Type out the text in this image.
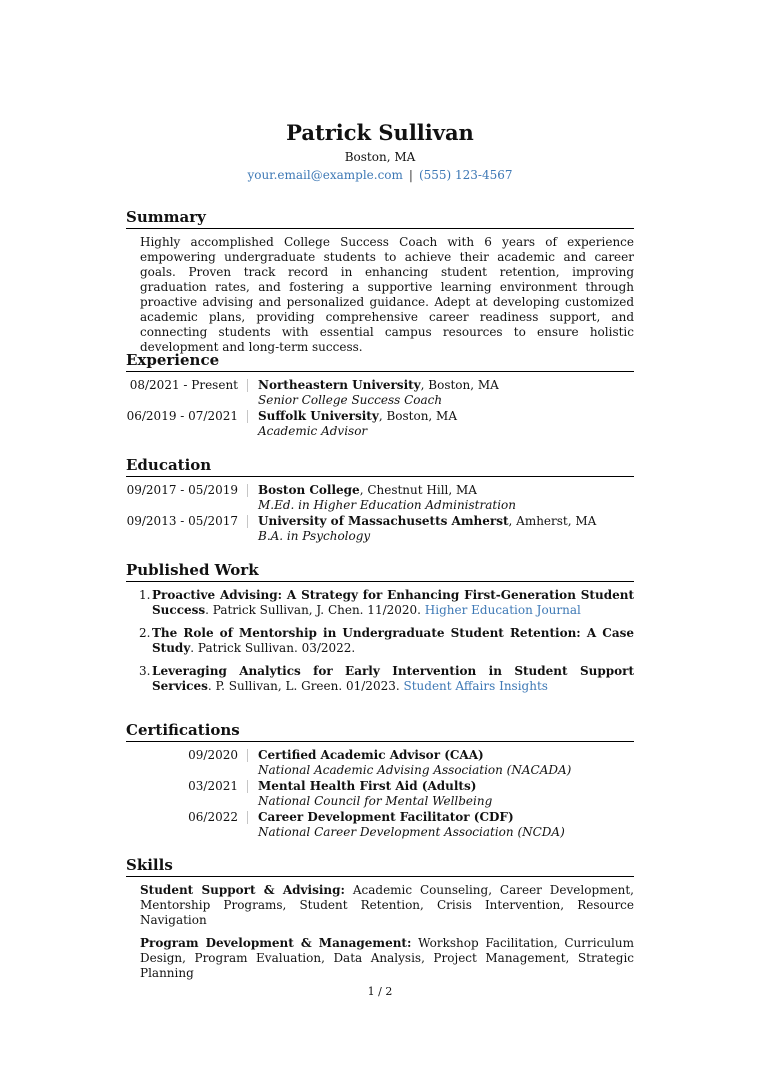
Patrick Sullivan
Boston, MA
your.email@example.com | (555) 123-4567
Summary
Highly accomplished College Success Coach with 6 years of experience empowering undergraduate students to achieve their academic and career goals. Proven track record in enhancing student retention, improving graduation rates, and fostering a supportive learning environment through proactive advising and personalized guidance. Adept at developing customized academic plans, providing comprehensive career readiness support, and connecting students with essential campus resources to ensure holistic development and long-term success.
Experience
08/2021 - Present Northeastern University, Boston, MA
Senior College Success Coach
06/2019 - 07/2021 Suffolk University, Boston, MA
Academic Advisor
Education
09/2017 - 05/2019 Boston College, Chestnut Hill, MA
M.Ed. in Higher Education Administration
09/2013 - 05/2017 University of Massachusetts Amherst, Amherst, MA
B.A. in Psychology
Published Work
1. Proactive Advising: A Strategy for Enhancing First-Generation Student Success. Patrick Sullivan, J. Chen. 11/2020. Higher Education Journal
2. The Role of Mentorship in Undergraduate Student Retention: A Case Study. Patrick Sullivan. 03/2022.
3. Leveraging Analytics for Early Intervention in Student Support Services. P. Sullivan, L. Green. 01/2023. Student Affairs Insights
Certifications
09/2020 Certified Academic Advisor (CAA)
National Academic Advising Association (NACADA)
03/2021 Mental Health First Aid (Adults)
National Council for Mental Wellbeing
06/2022 Career Development Facilitator (CDF)
National Career Development Association (NCDA)
Skills
Student Support & Advising: Academic Counseling, Career Development, Mentorship Programs, Student Retention, Crisis Intervention, Resource Navigation
Program Development & Management: Workshop Facilitation, Curriculum Design, Program Evaluation, Data Analysis, Project Management, Strategic Planning
1 / 2
